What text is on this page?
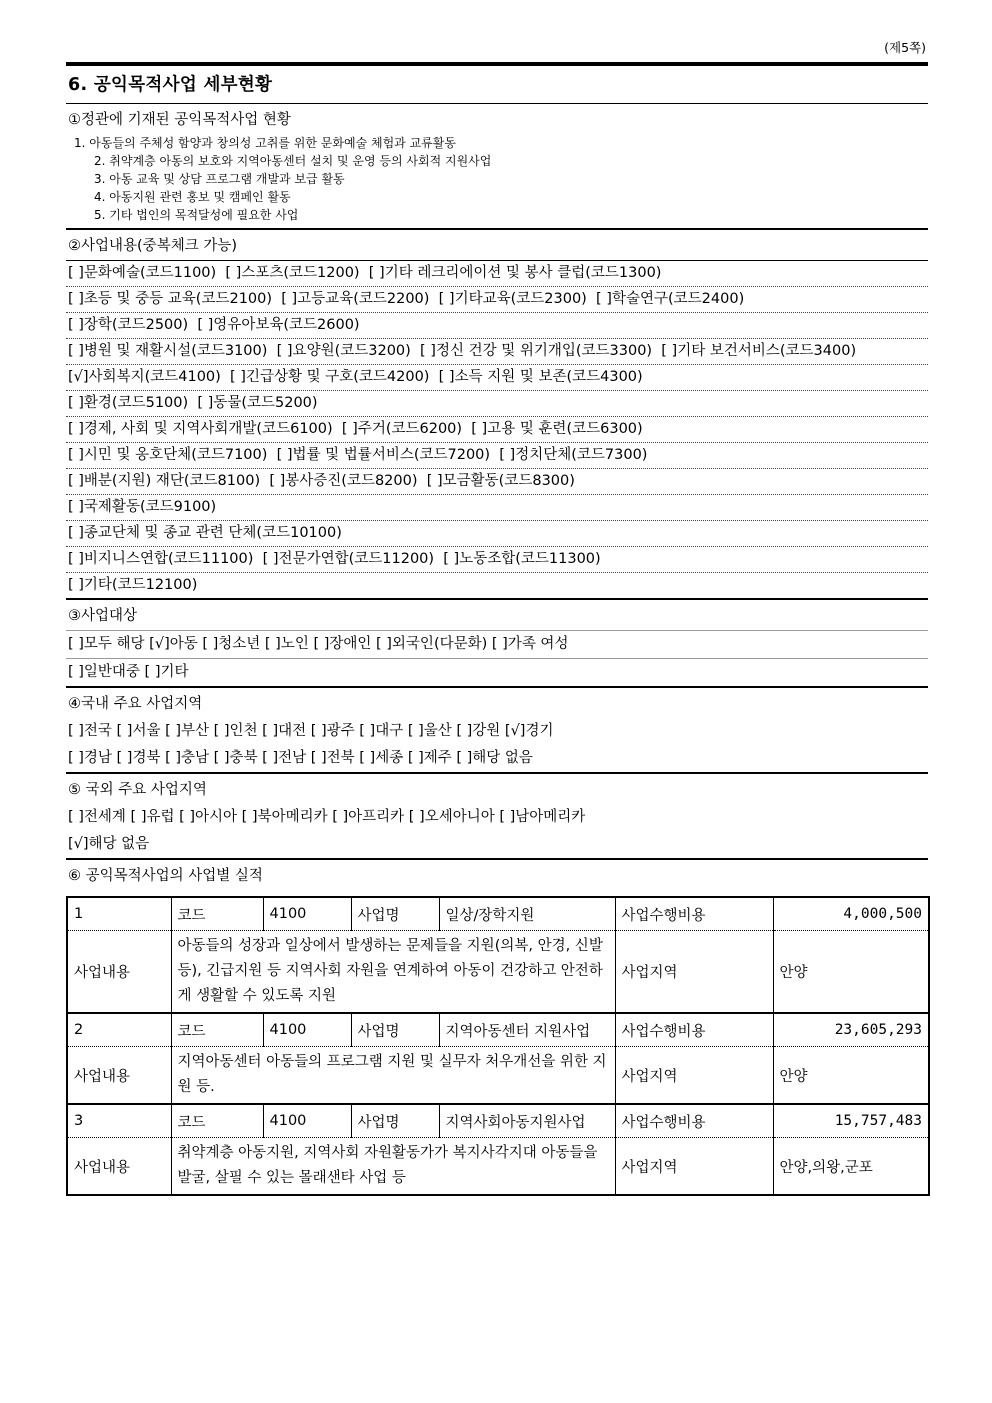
(제5쪽)
6. 공익목적사업 세부현황
①정관에 기재된 공익목적사업 현황
1. 아동들의 주체성 함양과 창의성 고취를 위한 문화예술 체험과 교류활동
2. 취약계층 아동의 보호와 지역아동센터 설치 및 운영 등의 사회적 지원사업
3. 아동 교육 및 상담 프로그램 개발과 보급 활동
4. 아동지원 관련 홍보 및 캠페인 활동
5. 기타 법인의 목적달성에 필요한 사업
②사업내용(중복체크 가능)
[ ]문화예술(코드1100)  [ ]스포츠(코드1200)  [ ]기타 레크리에이션 및 봉사 클럽(코드1300)
[ ]초등 및 중등 교육(코드2100)  [ ]고등교육(코드2200)  [ ]기타교육(코드2300)  [ ]학술연구(코드2400)
[ ]장학(코드2500)  [ ]영유아보육(코드2600)
[ ]병원 및 재활시설(코드3100)  [ ]요양원(코드3200)  [ ]정신 건강 및 위기개입(코드3300)  [ ]기타 보건서비스(코드3400)
[√]사회복지(코드4100)  [ ]긴급상황 및 구호(코드4200)  [ ]소득 지원 및 보존(코드4300)
[ ]환경(코드5100)  [ ]동물(코드5200)
[ ]경제, 사회 및 지역사회개발(코드6100)  [ ]주거(코드6200)  [ ]고용 및 훈련(코드6300)
[ ]시민 및 옹호단체(코드7100)  [ ]법률 및 법률서비스(코드7200)  [ ]정치단체(코드7300)
[ ]배분(지원) 재단(코드8100)  [ ]봉사증진(코드8200)  [ ]모금활동(코드8300)
[ ]국제활동(코드9100)
[ ]종교단체 및 종교 관련 단체(코드10100)
[ ]비지니스연합(코드11100)  [ ]전문가연합(코드11200)  [ ]노동조합(코드11300)
[ ]기타(코드12100)
③사업대상
[ ]모두 해당 [√]아동 [ ]청소년 [ ]노인 [ ]장애인 [ ]외국인(다문화) [ ]가족 여성
[ ]일반대중 [ ]기타
④국내 주요 사업지역
[ ]전국 [ ]서울 [ ]부산 [ ]인천 [ ]대전 [ ]광주 [ ]대구 [ ]울산 [ ]강원 [√]경기
[ ]경남 [ ]경북 [ ]충남 [ ]충북 [ ]전남 [ ]전북 [ ]세종 [ ]제주 [ ]해당 없음
⑤ 국외 주요 사업지역
[ ]전세계 [ ]유럽 [ ]아시아 [ ]북아메리카 [ ]아프리카 [ ]오세아니아 [ ]남아메리카
[√]해당 없음
⑥ 공익목적사업의 사업별 실적
1	코드	4100	사업명	일상/장학지원	사업수행비용	4,000,500
사업내용	아동들의 성장과 일상에서 발생하는 문제들을 지원(의복, 안경, 신발 등), 긴급지원 등 지역사회 자원을 연계하여 아동이 건강하고 안전하게 생활할 수 있도록 지원				사업지역	안양
2	코드	4100	사업명	지역아동센터 지원사업	사업수행비용	23,605,293
사업내용	지역아동센터 아동들의 프로그램 지원 및 실무자 처우개선을 위한 지원 등.				사업지역	안양
3	코드	4100	사업명	지역사회아동지원사업	사업수행비용	15,757,483
사업내용	취약계층 아동지원, 지역사회 자원활동가가 복지사각지대 아동들을 발굴, 살필 수 있는 몰래샌타 사업 등				사업지역	안양,의왕,군포
